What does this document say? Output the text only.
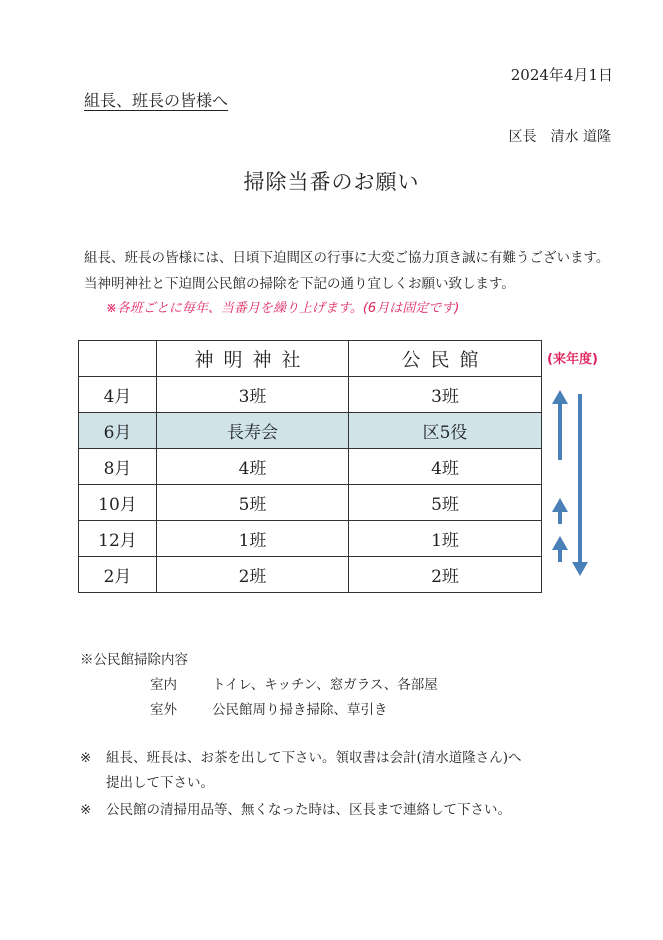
2024年4月1日
組長、班長の皆様へ
区長 清水 道隆
掃除当番のお願い
組長、班長の皆様には、日頃下迫間区の行事に大変ご協力頂き誠に有難うございます。
当神明神社と下迫間公民館の掃除を下記の通り宜しくお願い致します。
※各班ごとに毎年、当番月を繰り上げます。(6月は固定です)
	神明神社	公民館
4月	3班	3班
6月	長寿会	区5役
8月	4班	4班
10月	5班	5班
12月	1班	1班
2月	2班	2班
(来年度)
※公民館掃除内容
室内	トイレ、キッチン、窓ガラス、各部屋
室外	公民館周り掃き掃除、草引き
※ 組長、班長は、お茶を出して下さい。領収書は会計(清水道隆さん)へ
提出して下さい。
※ 公民館の清掃用品等、無くなった時は、区長まで連絡して下さい。
